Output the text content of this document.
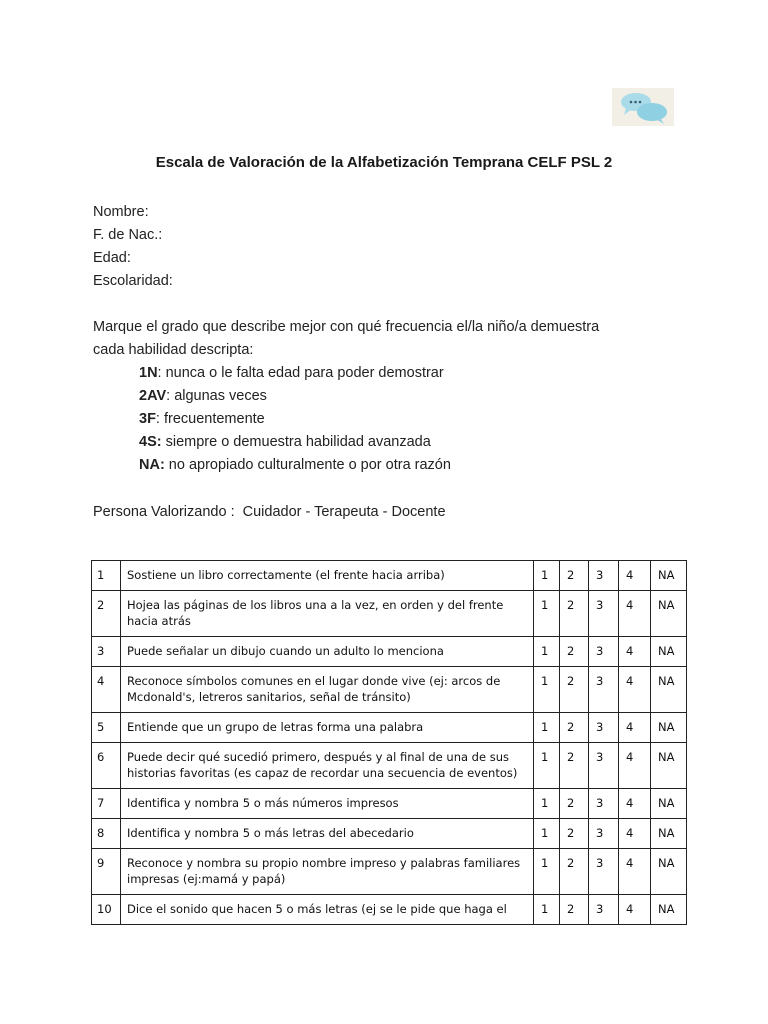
Escala de Valoración de la Alfabetización Temprana CELF PSL 2
Nombre:
F. de Nac.:
Edad:
Escolaridad:
Marque el grado que describe mejor con qué frecuencia el/la niño/a demuestra
cada habilidad descripta:
1N: nunca o le falta edad para poder demostrar
2AV: algunas veces
3F: frecuentemente
4S: siempre o demuestra habilidad avanzada
NA: no apropiado culturalmente o por otra razón
Persona Valorizando :  Cuidador - Terapeuta - Docente
1	Sostiene un libro correctamente (el frente hacia arriba)	1	2	3	4	NA
2	Hojea las páginas de los libros una a la vez, en orden y del frente hacia atrás	1	2	3	4	NA
3	Puede señalar un dibujo cuando un adulto lo menciona	1	2	3	4	NA
4	Reconoce símbolos comunes en el lugar donde vive (ej: arcos de Mcdonald's, letreros sanitarios, señal de tránsito)	1	2	3	4	NA
5	Entiende que un grupo de letras forma una palabra	1	2	3	4	NA
6	Puede decir qué sucedió primero, después y al final de una de sus historias favoritas (es capaz de recordar una secuencia de eventos)	1	2	3	4	NA
7	Identifica y nombra 5 o más números impresos	1	2	3	4	NA
8	Identifica y nombra 5 o más letras del abecedario	1	2	3	4	NA
9	Reconoce y nombra su propio nombre impreso y palabras familiares impresas (ej:mamá y papá)	1	2	3	4	NA
10	Dice el sonido que hacen 5 o más letras (ej se le pide que haga el	1	2	3	4	NA
